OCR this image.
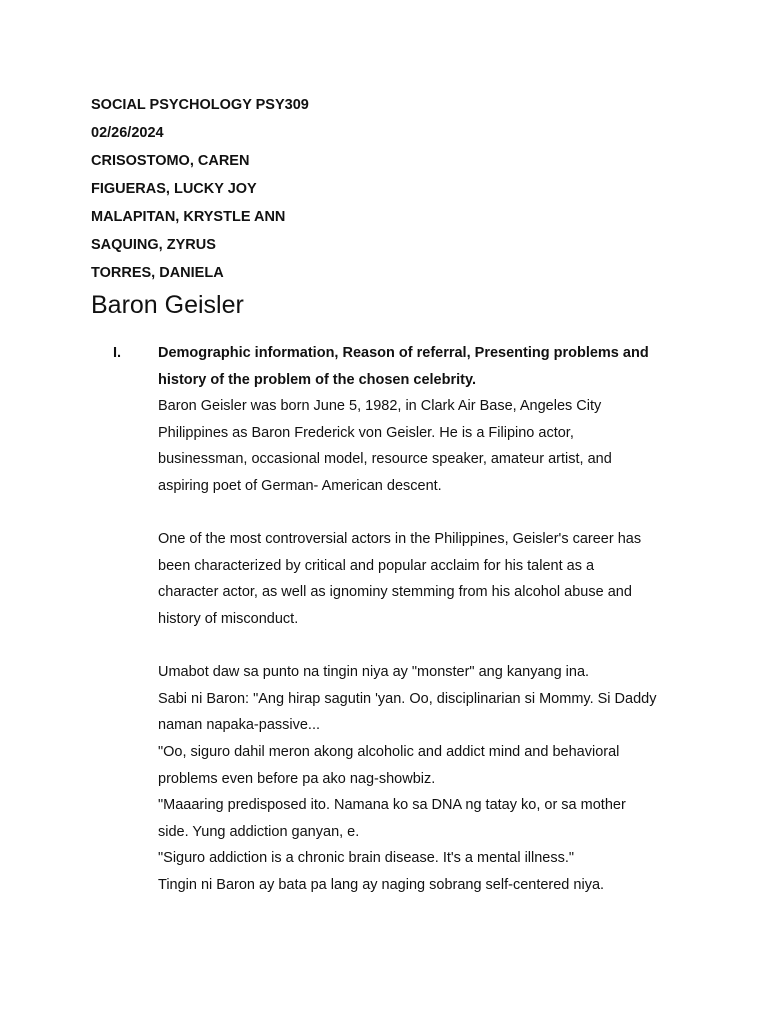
SOCIAL PSYCHOLOGY PSY309
02/26/2024
CRISOSTOMO, CAREN
FIGUERAS, LUCKY JOY
MALAPITAN, KRYSTLE ANN
SAQUING, ZYRUS
TORRES, DANIELA
Baron Geisler
I.	Demographic information, Reason of referral, Presenting problems and
history of the problem of the chosen celebrity.
Baron Geisler was born June 5, 1982, in Clark Air Base, Angeles City
Philippines as Baron Frederick von Geisler. He is a Filipino actor,
businessman, occasional model, resource speaker, amateur artist, and
aspiring poet of German- American descent.
One of the most controversial actors in the Philippines, Geisler's career has
been characterized by critical and popular acclaim for his talent as a
character actor, as well as ignominy stemming from his alcohol abuse and
history of misconduct.
Umabot daw sa punto na tingin niya ay "monster" ang kanyang ina.
Sabi ni Baron: "Ang hirap sagutin 'yan. Oo, disciplinarian si Mommy. Si Daddy
naman napaka-passive...
"Oo, siguro dahil meron akong alcoholic and addict mind and behavioral
problems even before pa ako nag-showbiz.
"Maaaring predisposed ito. Namana ko sa DNA ng tatay ko, or sa mother
side. Yung addiction ganyan, e.
"Siguro addiction is a chronic brain disease. It's a mental illness."
Tingin ni Baron ay bata pa lang ay naging sobrang self-centered niya.
